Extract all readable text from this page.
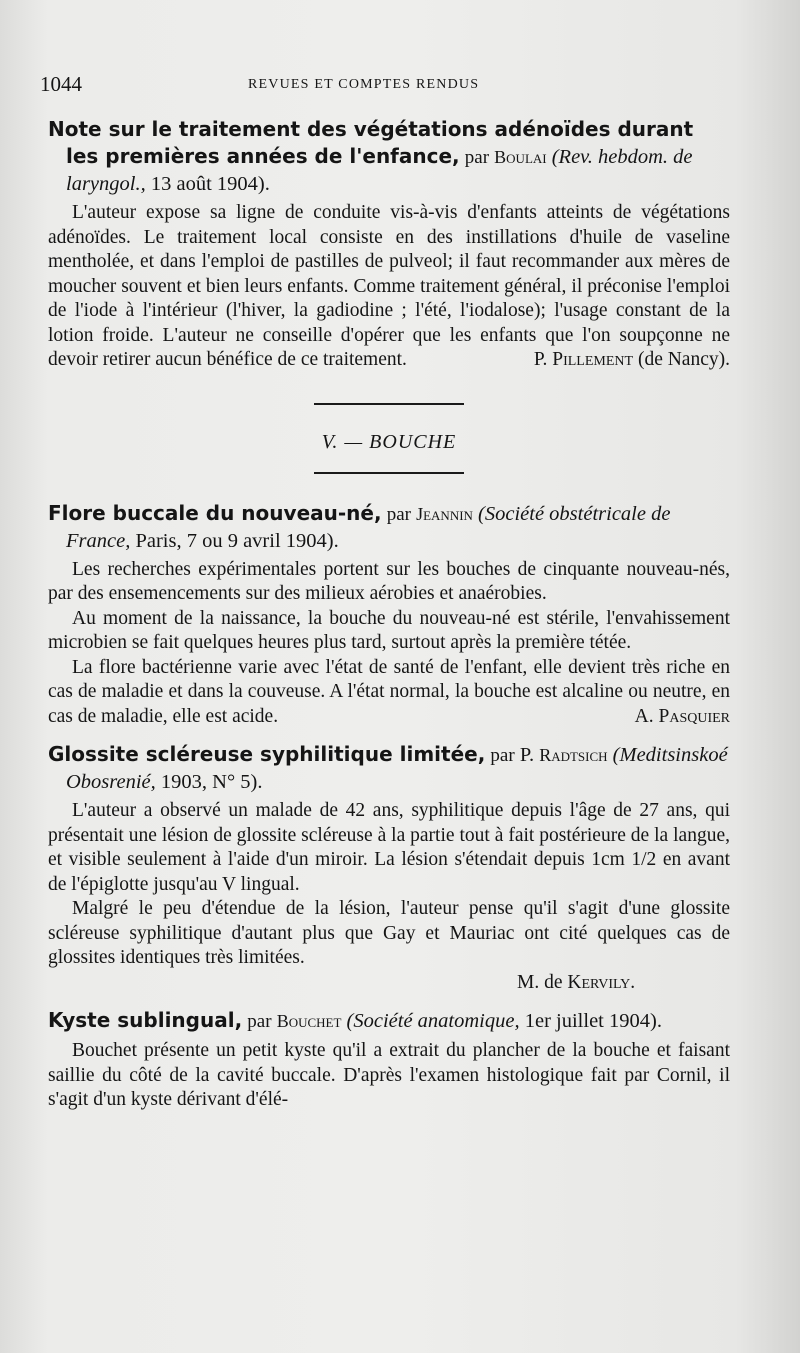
1044	REVUES ET COMPTES RENDUS
Note sur le traitement des végétations adénoïdes durant les premières années de l'enfance, par Boulai (Rev. hebdom. de laryngol., 13 août 1904).

L'auteur expose sa ligne de conduite vis-à-vis d'enfants atteints de végétations adénoïdes. Le traitement local consiste en des instillations d'huile de vaseline mentholée, et dans l'emploi de pastilles de pulveol; il faut recommander aux mères de moucher souvent et bien leurs enfants. Comme traitement général, il préconise l'emploi de l'iode à l'intérieur (l'hiver, la gadiodine ; l'été, l'iodalose); l'usage constant de la lotion froide. L'auteur ne conseille d'opérer que les enfants que l'on soupçonne ne devoir retirer aucun bénéfice de ce traitement.	P. Pillement (de Nancy).

V. — BOUCHE
Flore buccale du nouveau-né, par Jeannin (Société obstétricale de France, Paris, 7 ou 9 avril 1904).

Les recherches expérimentales portent sur les bouches de cinquante nouveau-nés, par des ensemencements sur des milieux aérobies et anaérobies.

Au moment de la naissance, la bouche du nouveau-né est stérile, l'envahissement microbien se fait quelques heures plus tard, surtout après la première tétée.

La flore bactérienne varie avec l'état de santé de l'enfant, elle devient très riche en cas de maladie et dans la couveuse. A l'état normal, la bouche est alcaline ou neutre, en cas de maladie, elle est acide.	A. Pasquier

Glossite scléreuse syphilitique limitée, par P. Radtsich (Meditsinskoé Obosrenié, 1903, N° 5).

L'auteur a observé un malade de 42 ans, syphilitique depuis l'âge de 27 ans, qui présentait une lésion de glossite scléreuse à la partie tout à fait postérieure de la langue, et visible seulement à l'aide d'un miroir. La lésion s'étendait depuis 1cm 1/2 en avant de l'épiglotte jusqu'au V lingual.

Malgré le peu d'étendue de la lésion, l'auteur pense qu'il s'agit d'une glossite scléreuse syphilitique d'autant plus que Gay et Mauriac ont cité quelques cas de glossites identiques très limitées.

M. de Kervily.
Kyste sublingual, par Bouchet (Société anatomique, 1er juillet 1904).

Bouchet présente un petit kyste qu'il a extrait du plancher de la bouche et faisant saillie du côté de la cavité buccale. D'après l'examen histologique fait par Cornil, il s'agit d'un kyste dérivant d'élé-
